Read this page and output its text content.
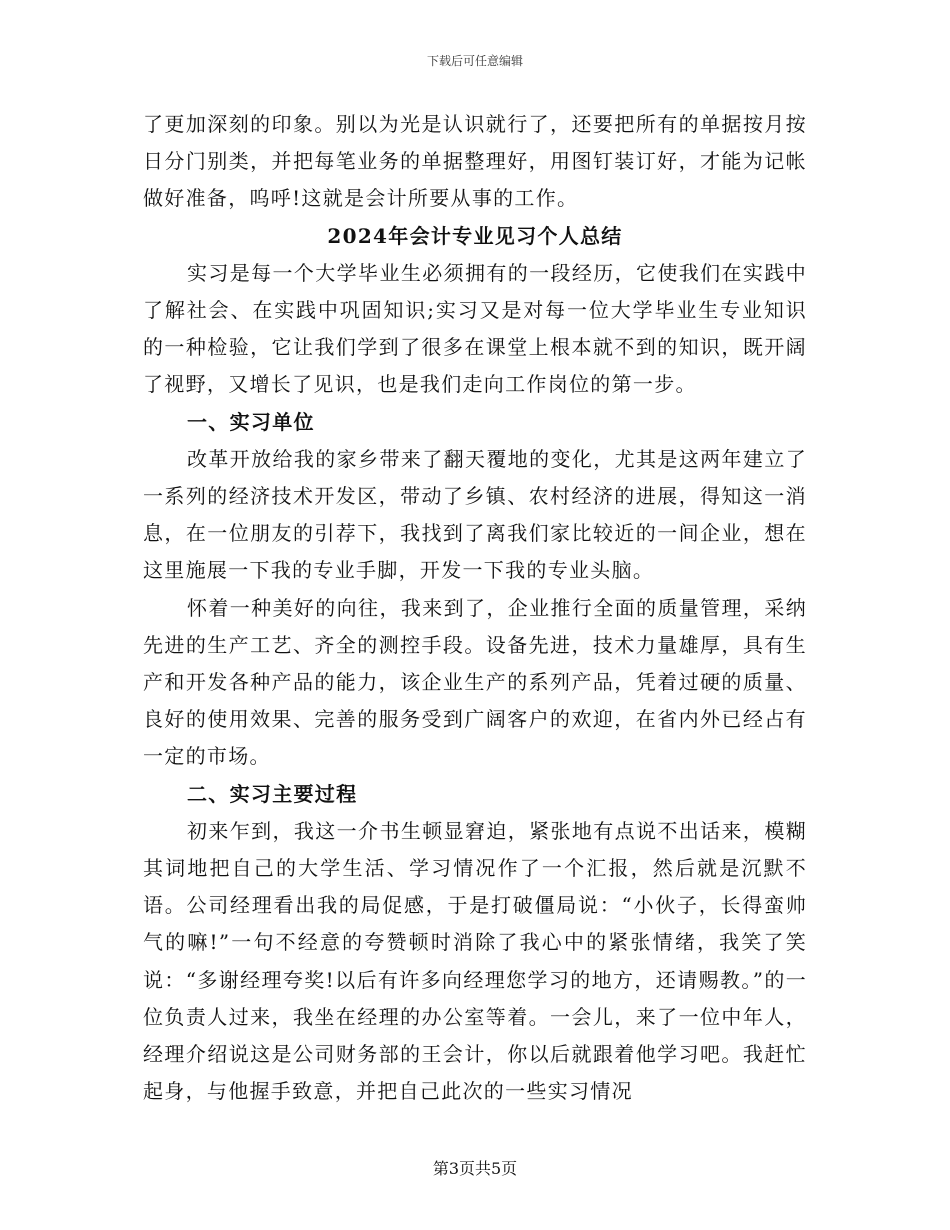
下载后可任意编辑

了更加深刻的印象。别以为光是认识就行了，还要把所有的单据按月按日分门别类，并把每笔业务的单据整理好，用图钉装订好，才能为记帐做好准备，呜呼!这就是会计所要从事的工作。

2024年会计专业见习个人总结

实习是每一个大学毕业生必须拥有的一段经历，它使我们在实践中了解社会、在实践中巩固知识;实习又是对每一位大学毕业生专业知识的一种检验，它让我们学到了很多在课堂上根本就不到的知识，既开阔了视野，又增长了见识，也是我们走向工作岗位的第一步。

一、实习单位

改革开放给我的家乡带来了翻天覆地的变化，尤其是这两年建立了一系列的经济技术开发区，带动了乡镇、农村经济的进展，得知这一消息，在一位朋友的引荐下，我找到了离我们家比较近的一间企业，想在这里施展一下我的专业手脚，开发一下我的专业头脑。

怀着一种美好的向往，我来到了，企业推行全面的质量管理，采纳先进的生产工艺、齐全的测控手段。设备先进，技术力量雄厚，具有生产和开发各种产品的能力，该企业生产的系列产品，凭着过硬的质量、良好的使用效果、完善的服务受到广阔客户的欢迎，在省内外已经占有一定的市场。

二、实习主要过程

初来乍到，我这一介书生顿显窘迫，紧张地有点说不出话来，模糊其词地把自己的大学生活、学习情况作了一个汇报，然后就是沉默不语。公司经理看出我的局促感，于是打破僵局说：“小伙子，长得蛮帅气的嘛!”一句不经意的夸赞顿时消除了我心中的紧张情绪，我笑了笑说：“多谢经理夸奖!以后有许多向经理您学习的地方，还请赐教。”的一位负责人过来，我坐在经理的办公室等着。一会儿，来了一位中年人，经理介绍说这是公司财务部的王会计，你以后就跟着他学习吧。我赶忙起身，与他握手致意，并把自己此次的一些实习情况

第3页共5页
